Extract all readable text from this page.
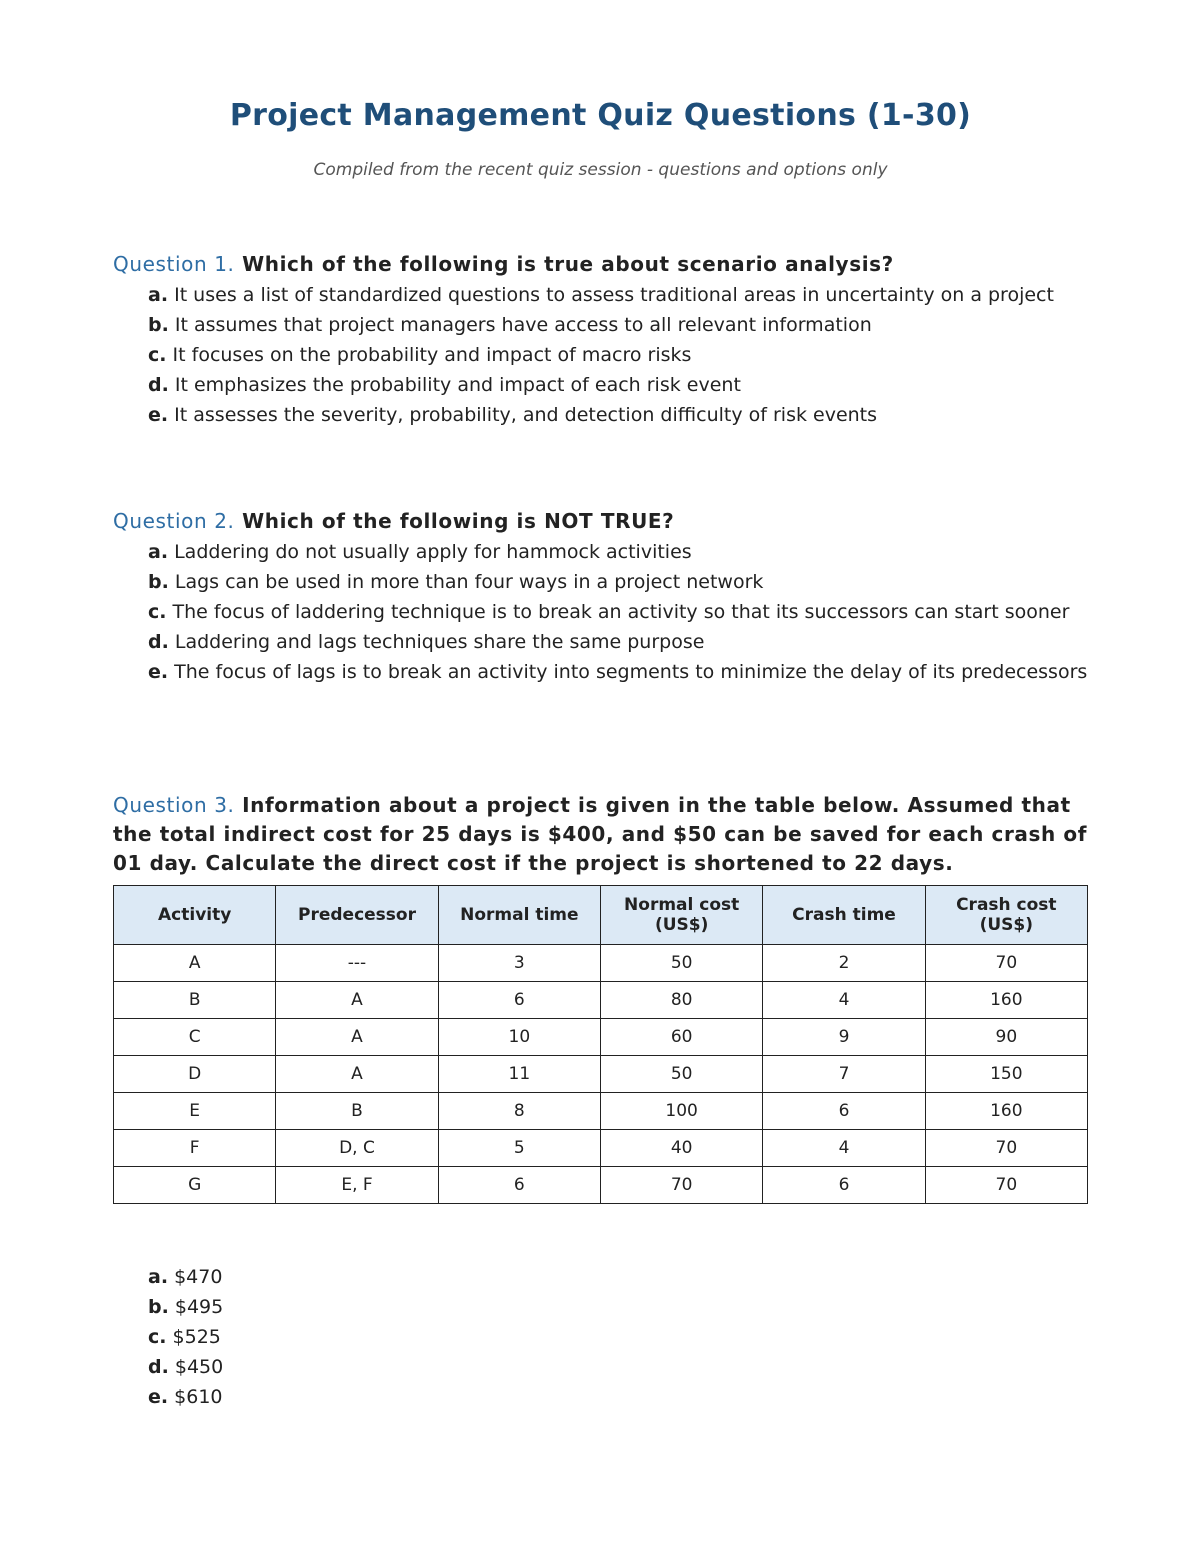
Project Management Quiz Questions (1-30)
Compiled from the recent quiz session - questions and options only
Question 1. Which of the following is true about scenario analysis?
a. It uses a list of standardized questions to assess traditional areas in uncertainty on a project
b. It assumes that project managers have access to all relevant information
c. It focuses on the probability and impact of macro risks
d. It emphasizes the probability and impact of each risk event
e. It assesses the severity, probability, and detection difficulty of risk events
Question 2. Which of the following is NOT TRUE?
a. Laddering do not usually apply for hammock activities
b. Lags can be used in more than four ways in a project network
c. The focus of laddering technique is to break an activity so that its successors can start sooner
d. Laddering and lags techniques share the same purpose
e. The focus of lags is to break an activity into segments to minimize the delay of its predecessors
Question 3. Information about a project is given in the table below. Assumed that the total indirect cost for 25 days is $400, and $50 can be saved for each crash of 01 day. Calculate the direct cost if the project is shortened to 22 days.
Activity	Predecessor	Normal time	Normal cost (US$)	Crash time	Crash cost (US$)
A	---	3	50	2	70
B	A	6	80	4	160
C	A	10	60	9	90
D	A	11	50	7	150
E	B	8	100	6	160
F	D, C	5	40	4	70
G	E, F	6	70	6	70
a. $470
b. $495
c. $525
d. $450
e. $610
